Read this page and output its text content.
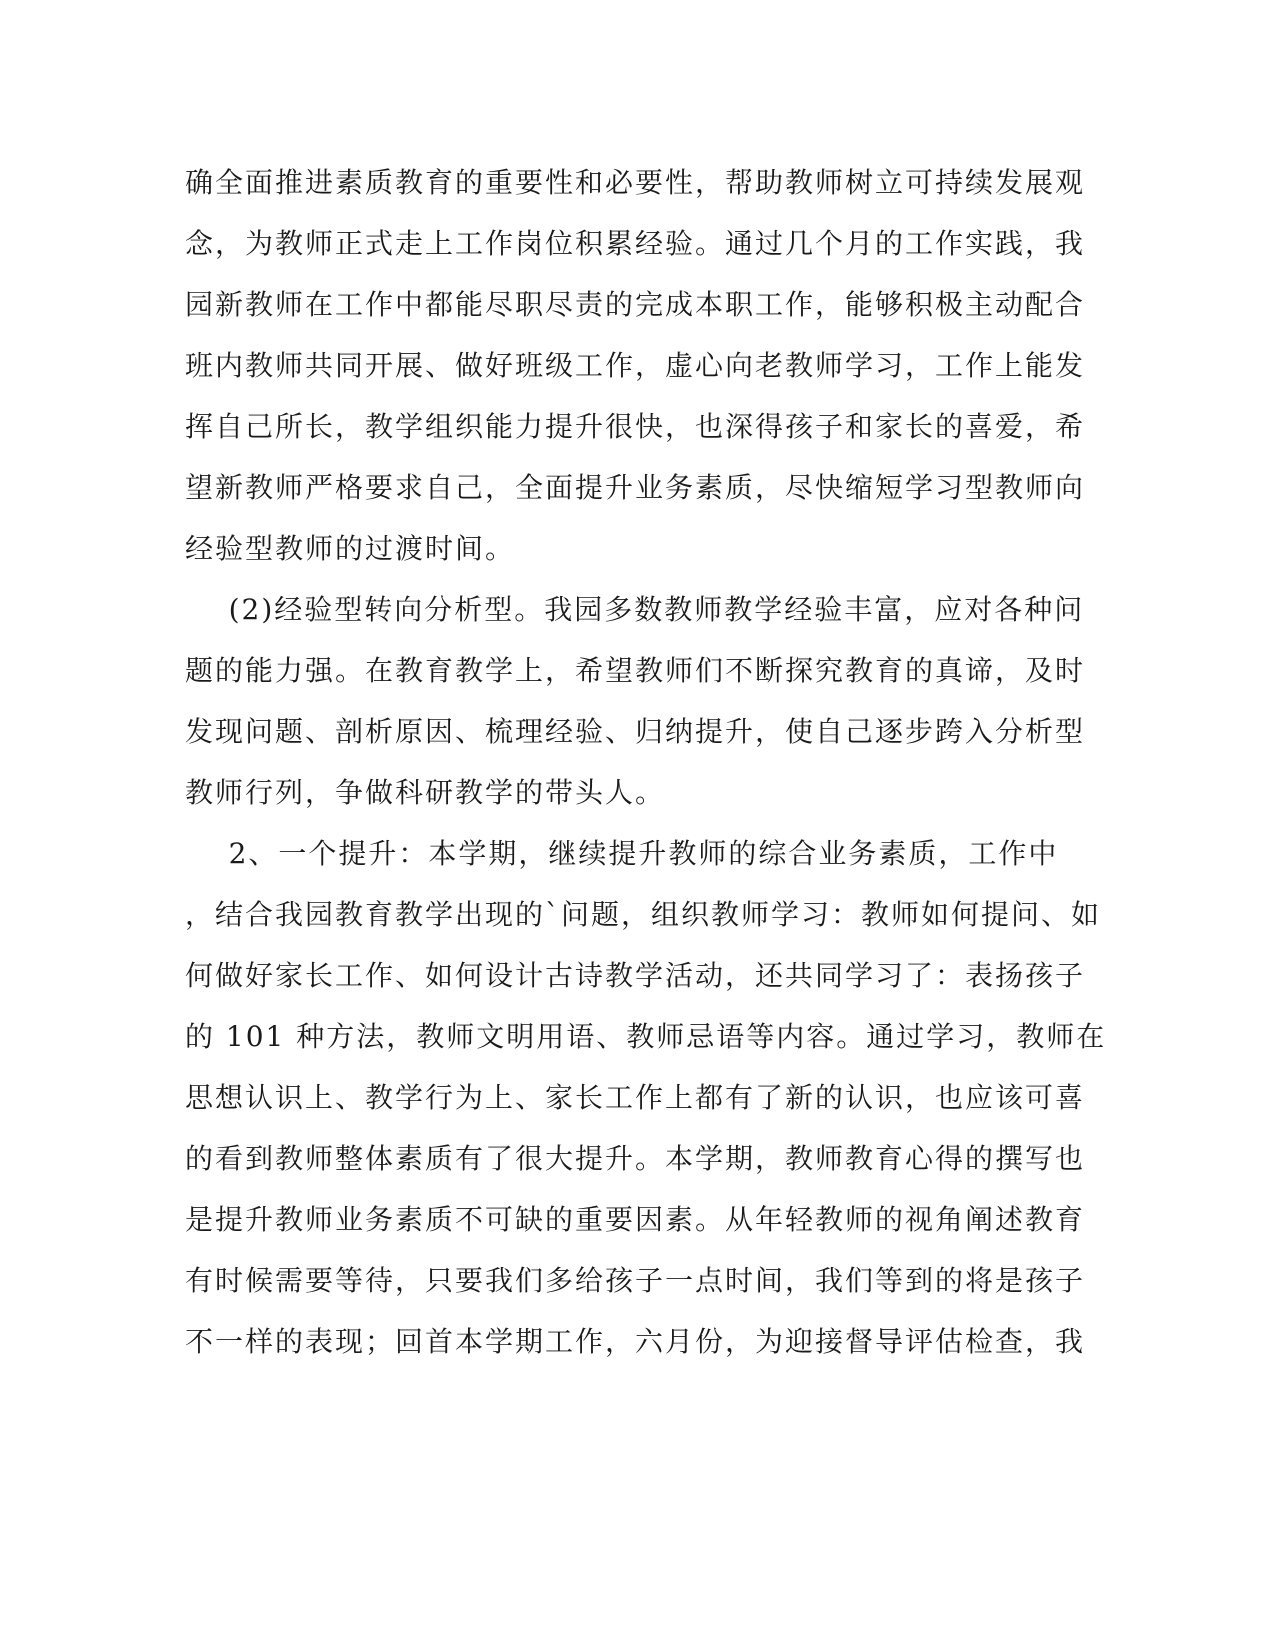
确全面推进素质教育的重要性和必要性，帮助教师树立可持续发展观
念，为教师正式走上工作岗位积累经验。通过几个月的工作实践，我
园新教师在工作中都能尽职尽责的完成本职工作，能够积极主动配合
班内教师共同开展、做好班级工作，虚心向老教师学习，工作上能发
挥自己所长，教学组织能力提升很快，也深得孩子和家长的喜爱，希
望新教师严格要求自己，全面提升业务素质，尽快缩短学习型教师向
经验型教师的过渡时间。
(2)经验型转向分析型。我园多数教师教学经验丰富，应对各种问
题的能力强。在教育教学上，希望教师们不断探究教育的真谛，及时
发现问题、剖析原因、梳理经验、归纳提升，使自己逐步跨入分析型
教师行列，争做科研教学的带头人。
2、一个提升：本学期，继续提升教师的综合业务素质，工作中
，结合我园教育教学出现的`问题，组织教师学习：教师如何提问、如
何做好家长工作、如何设计古诗教学活动，还共同学习了：表扬孩子
的 101 种方法，教师文明用语、教师忌语等内容。通过学习，教师在
思想认识上、教学行为上、家长工作上都有了新的认识，也应该可喜
的看到教师整体素质有了很大提升。本学期，教师教育心得的撰写也
是提升教师业务素质不可缺的重要因素。从年轻教师的视角阐述教育
有时候需要等待，只要我们多给孩子一点时间，我们等到的将是孩子
不一样的表现；回首本学期工作，六月份，为迎接督导评估检查，我
